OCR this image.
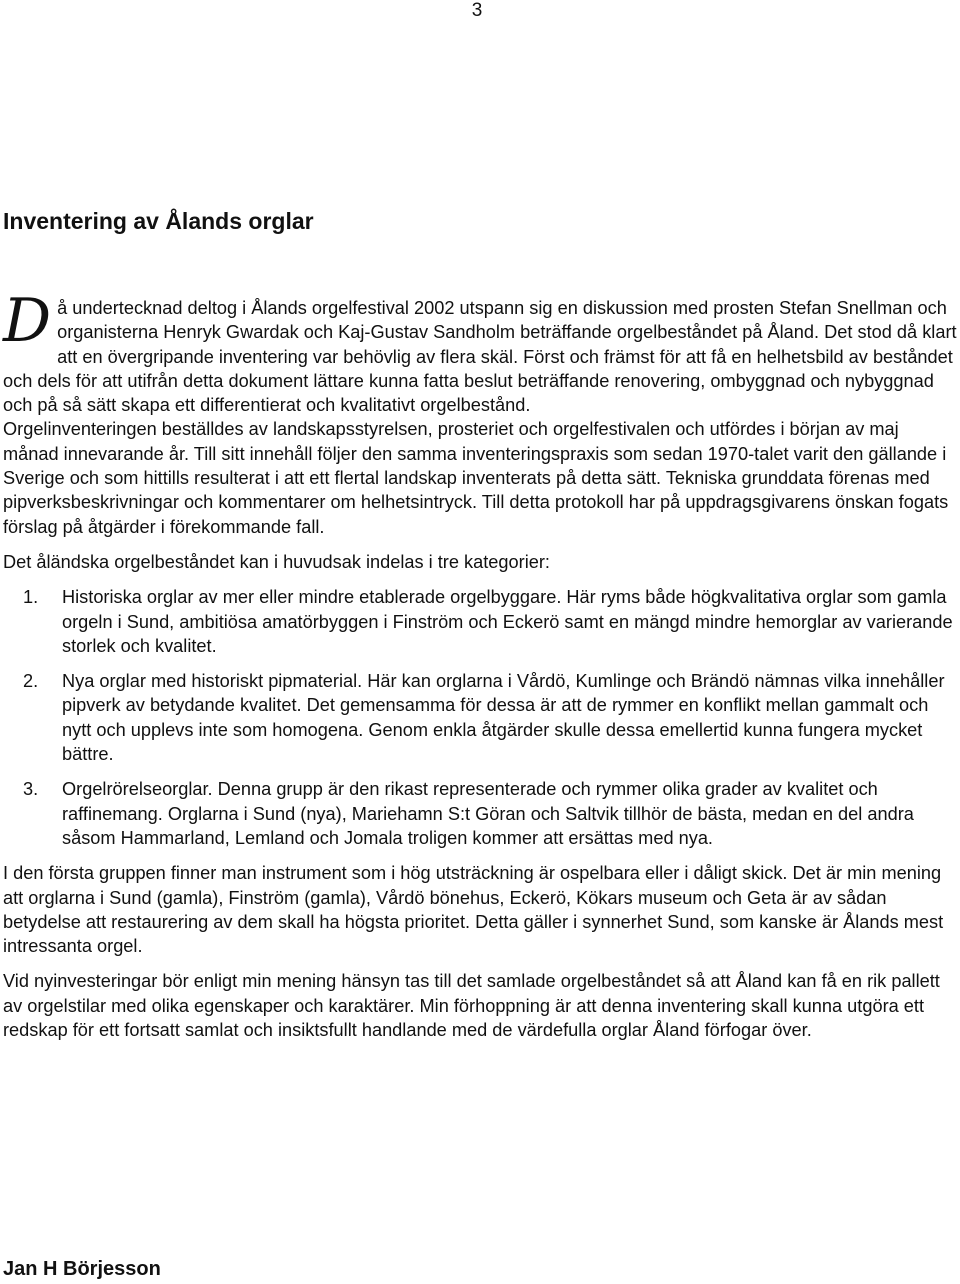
3
Inventering av Ålands orglar

Då undertecknad deltog i Ålands orgelfestival 2002 utspann sig en diskussion med prosten Stefan Snellman och organisterna Henryk Gwardak och Kaj-Gustav Sandholm beträffande orgelbeståndet på Åland. Det stod då klart att en övergripande inventering var behövlig av flera skäl. Först och främst för att få en helhetsbild av beståndet och dels för att utifrån detta dokument lättare kunna fatta beslut beträffande renovering, ombyggnad och nybyggnad och på så sätt skapa ett differentierat och kvalitativt orgelbestånd.

Orgelinventeringen beställdes av landskapsstyrelsen, prosteriet och orgelfestivalen och utfördes i början av maj månad innevarande år. Till sitt innehåll följer den samma inventeringspraxis som sedan 1970-talet varit den gällande i Sverige och som hittills resulterat i att ett flertal landskap inventerats på detta sätt. Tekniska grunddata förenas med pipverksbeskrivningar och kommentarer om helhetsintryck. Till detta protokoll har på uppdragsgivarens önskan fogats förslag på åtgärder i förekommande fall.

Det åländska orgelbeståndet kan i huvudsak indelas i tre kategorier:

1. Historiska orglar av mer eller mindre etablerade orgelbyggare. Här ryms både högkvalitativa orglar som gamla orgeln i Sund, ambitiösa amatörbyggen i Finström och Eckerö samt en mängd mindre hemorglar av varierande storlek och kvalitet.
2. Nya orglar med historiskt pipmaterial. Här kan orglarna i Vårdö, Kumlinge och Brändö nämnas vilka innehåller pipverk av betydande kvalitet. Det gemensamma för dessa är att de rymmer en konflikt mellan gammalt och nytt och upplevs inte som homogena. Genom enkla åtgärder skulle dessa emellertid kunna fungera mycket bättre.
3. Orgelrörelseorglar. Denna grupp är den rikast representerade och rymmer olika grader av kvalitet och raffinemang. Orglarna i Sund (nya), Mariehamn S:t Göran och Saltvik tillhör de bästa, medan en del andra såsom Hammarland, Lemland och Jomala troligen kommer att ersättas med nya.

I den första gruppen finner man instrument som i hög utsträckning är ospelbara eller i dåligt skick. Det är min mening att orglarna i Sund (gamla), Finström (gamla), Vårdö bönehus, Eckerö, Kökars museum och Geta är av sådan betydelse att restaurering av dem skall ha högsta prioritet. Detta gäller i synnerhet Sund, som kanske är Ålands mest intressanta orgel.

Vid nyinvesteringar bör enligt min mening hänsyn tas till det samlade orgelbeståndet så att Åland kan få en rik pallett av orgelstilar med olika egenskaper och karaktärer. Min förhoppning är att denna inventering skall kunna utgöra ett redskap för ett fortsatt samlat och insiktsfullt handlande med de värdefulla orglar Åland förfogar över.

Jan H Börjesson
